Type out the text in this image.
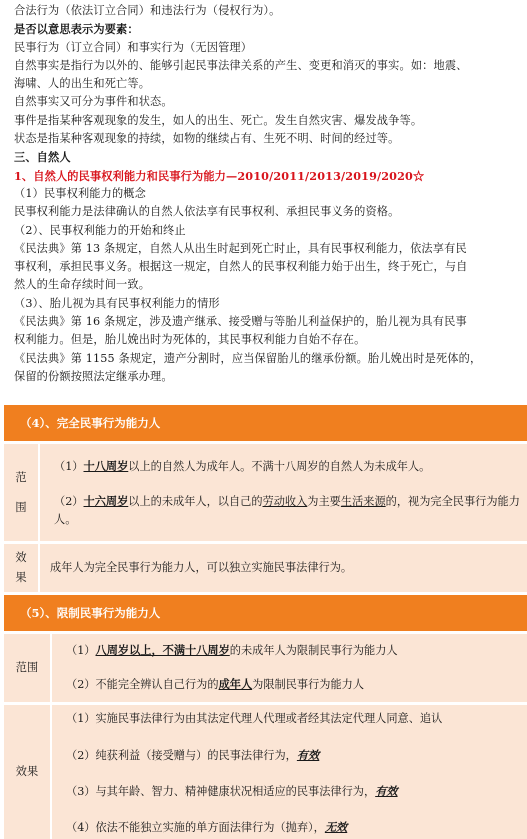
合法行为（依法订立合同）和违法行为（侵权行为）。
是否以意思表示为要素：
民事行为（订立合同）和事实行为（无因管理）
自然事实是指行为以外的、能够引起民事法律关系的产生、变更和消灭的事实。如：地震、
海啸、人的出生和死亡等。
自然事实又可分为事件和状态。
事件是指某种客观现象的发生，如人的出生、死亡。发生自然灾害、爆发战争等。
状态是指某种客观现象的持续，如物的继续占有、生死不明、时间的经过等。
三、自然人
1、自然人的民事权利能力和民事行为能力—2010/2011/2013/2019/2020☆
（1）民事权利能力的概念
民事权利能力是法律确认的自然人依法享有民事权利、承担民事义务的资格。
（2）、民事权利能力的开始和终止
《民法典》第 13 条规定，自然人从出生时起到死亡时止，具有民事权利能力，依法享有民
事权利，承担民事义务。根据这一规定，自然人的民事权利能力始于出生，终于死亡，与自
然人的生命存续时间一致。
（3）、胎儿视为具有民事权利能力的情形
《民法典》第 16 条规定，涉及遗产继承、接受赠与等胎儿利益保护的，胎儿视为具有民事
权利能力。但是，胎儿娩出时为死体的，其民事权利能力自始不存在。
《民法典》第 1155 条规定，遗产分割时，应当保留胎儿的继承份额。胎儿娩出时是死体的，
保留的份额按照法定继承办理。
（4）、完全民事行为能力人
范
围
（1）十八周岁以上的自然人为成年人。不满十八周岁的自然人为未成年人。
（2）十六周岁以上的未成年人，以自己的劳动收入为主要生活来源的，视为完全民事行为能力人。
效
果
成年人为完全民事行为能力人，可以独立实施民事法律行为。
（5）、限制民事行为能力人
范围
（1）八周岁以上，不满十八周岁的未成年人为限制民事行为能力人
（2）不能完全辨认自己行为的成年人为限制民事行为能力人
效果
（1）实施民事法律行为由其法定代理人代理或者经其法定代理人同意、追认
（2）纯获利益（接受赠与）的民事法律行为，有效
（3）与其年龄、智力、精神健康状况相适应的民事法律行为，有效
（4）依法不能独立实施的单方面法律行为（抛弃），无效
